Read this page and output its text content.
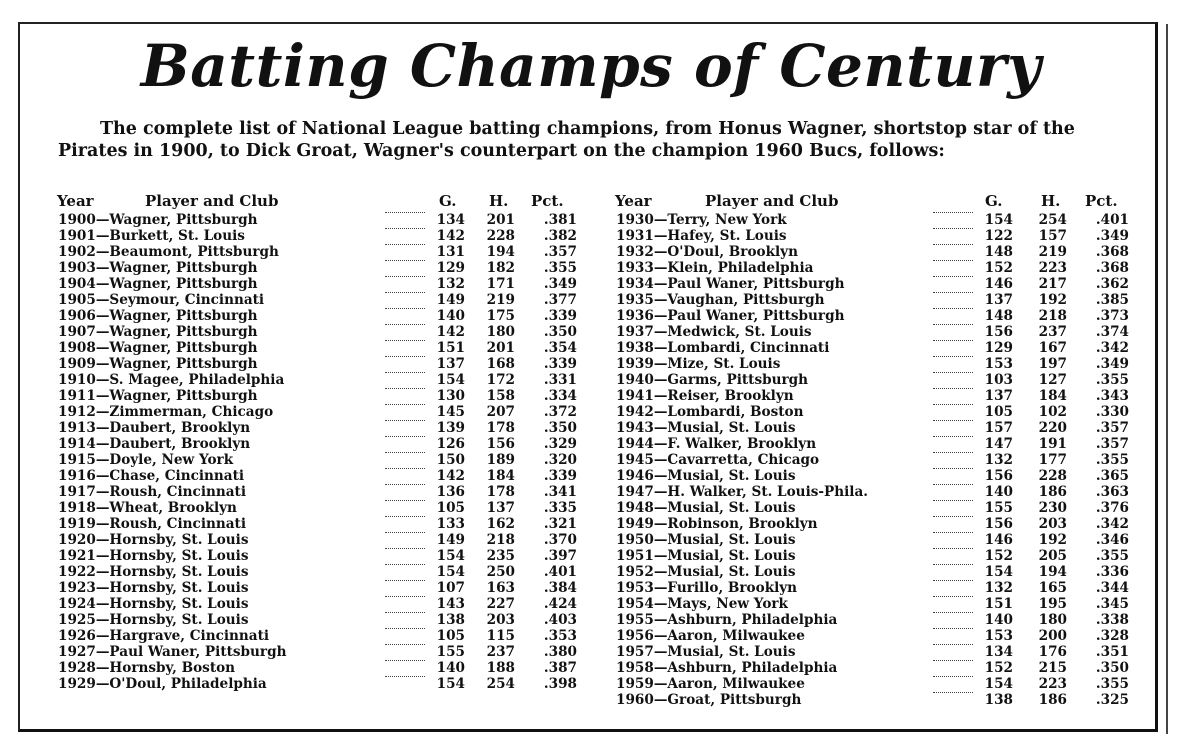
Batting Champs of Century

The complete list of National League batting champions, from Honus Wagner, shortstop star of the Pirates in 1900, to Dick Groat, Wagner's counterpart on the champion 1960 Bucs, follows:

Year	Player and Club	G. H. Pct.
1900—Wagner, Pittsburgh	134	201	.381
1901—Burkett, St. Louis	142	228	.382
1902—Beaumont, Pittsburgh	131	194	.357
1903—Wagner, Pittsburgh	129	182	.355
1904—Wagner, Pittsburgh	132	171	.349
1905—Seymour, Cincinnati	149	219	.377
1906—Wagner, Pittsburgh	140	175	.339
1907—Wagner, Pittsburgh	142	180	.350
1908—Wagner, Pittsburgh	151	201	.354
1909—Wagner, Pittsburgh	137	168	.339
1910—S. Magee, Philadelphia	154	172	.331
1911—Wagner, Pittsburgh	130	158	.334
1912—Zimmerman, Chicago	145	207	.372
1913—Daubert, Brooklyn	139	178	.350
1914—Daubert, Brooklyn	126	156	.329
1915—Doyle, New York	150	189	.320
1916—Chase, Cincinnati	142	184	.339
1917—Roush, Cincinnati	136	178	.341
1918—Wheat, Brooklyn	105	137	.335
1919—Roush, Cincinnati	133	162	.321
1920—Hornsby, St. Louis	149	218	.370
1921—Hornsby, St. Louis	154	235	.397
1922—Hornsby, St. Louis	154	250	.401
1923—Hornsby, St. Louis	107	163	.384
1924—Hornsby, St. Louis	143	227	.424
1925—Hornsby, St. Louis	138	203	.403
1926—Hargrave, Cincinnati	105	115	.353
1927—Paul Waner, Pittsburgh	155	237	.380
1928—Hornsby, Boston	140	188	.387
1929—O'Doul, Philadelphia	154	254	.398
Year	Player and Club	G.	H. Pct.
1930—Terry, New York	154	254	.401
1931—Hafey, St. Louis	122	157	.349
1932—O'Doul, Brooklyn	148	219	.368
1933—Klein, Philadelphia	152	223	.368
1934—Paul Waner, Pittsburgh	146	217	.362
1935—Vaughan, Pittsburgh	137	192	.385
1936—Paul Waner, Pittsburgh	148	218	.373
1937—Medwick, St. Louis	156	237	.374
1938—Lombardi, Cincinnati	129	167	.342
1939—Mize, St. Louis	153	197	.349
1940—Garms, Pittsburgh	103	127	.355
1941—Reiser, Brooklyn	137	184	.343
1942—Lombardi, Boston	105	102	.330
1943—Musial, St. Louis	157	220	.357
1944—F. Walker, Brooklyn	147	191	.357
1945—Cavarretta, Chicago	132	177	.355
1946—Musial, St. Louis	156	228	.365
1947—H. Walker, St. Louis-Phila.	140	186	.363
1948—Musial, St. Louis	155	230	.376
1949—Robinson, Brooklyn	156	203	.342
1950—Musial, St. Louis	146	192	.346
1951—Musial, St. Louis	152	205	.355
1952—Musial, St. Louis	154	194	.336
1953—Furillo, Brooklyn	132	165	.344
1954—Mays, New York	151	195	.345
1955—Ashburn, Philadelphia	140	180	.338
1956—Aaron, Milwaukee	153	200	.328
1957—Musial, St. Louis	134	176	.351
1958—Ashburn, Philadelphia	152	215	.350
1959—Aaron, Milwaukee	154	223	.355
1960—Groat, Pittsburgh	138	186	.325
